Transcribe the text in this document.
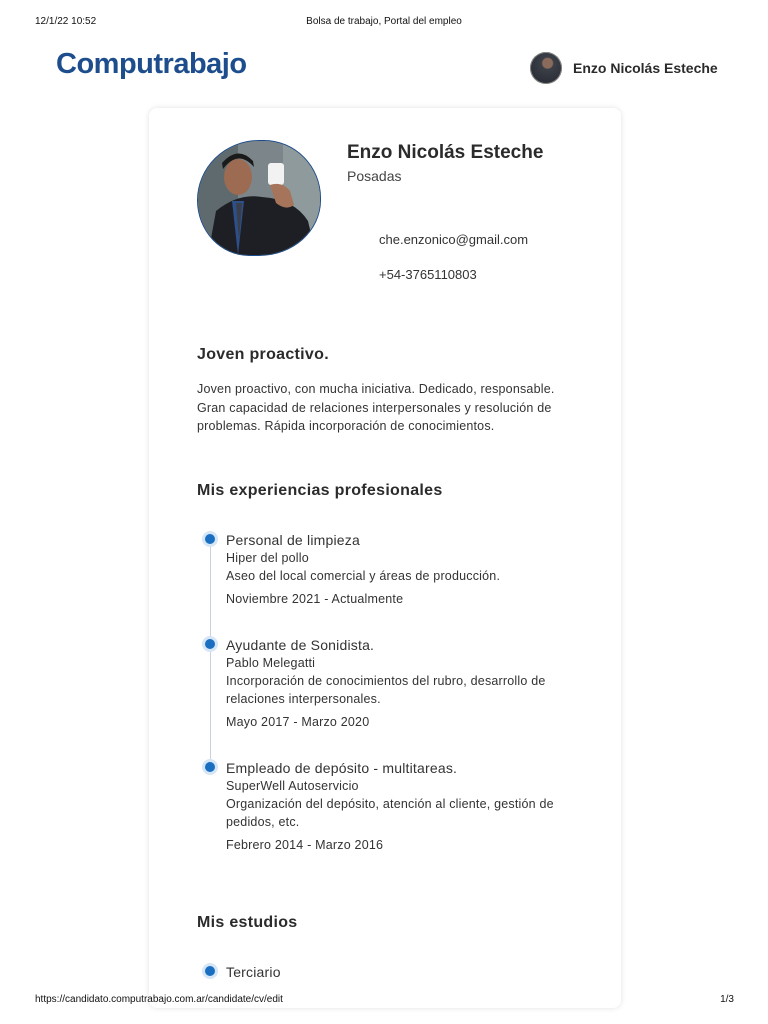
12/1/22 10:52	Bolsa de trabajo, Portal del empleo
Computrabajo	Enzo Nicolás Esteche
Enzo Nicolás Esteche
Posadas
che.enzonico@gmail.com
+54-3765110803
Joven proactivo.
Joven proactivo, con mucha iniciativa. Dedicado, responsable. Gran capacidad de relaciones interpersonales y resolución de problemas. Rápida incorporación de conocimientos.
Mis experiencias profesionales
Personal de limpieza
Hiper del pollo
Aseo del local comercial y áreas de producción.
Noviembre 2021 - Actualmente
Ayudante de Sonidista.
Pablo Melegatti
Incorporación de conocimientos del rubro, desarrollo de relaciones interpersonales.
Mayo 2017 - Marzo 2020
Empleado de depósito - multitareas.
SuperWell Autoservicio
Organización del depósito, atención al cliente, gestión de pedidos, etc.
Febrero 2014 - Marzo 2016
Mis estudios
Terciario
https://candidato.computrabajo.com.ar/candidate/cv/edit	1/3
